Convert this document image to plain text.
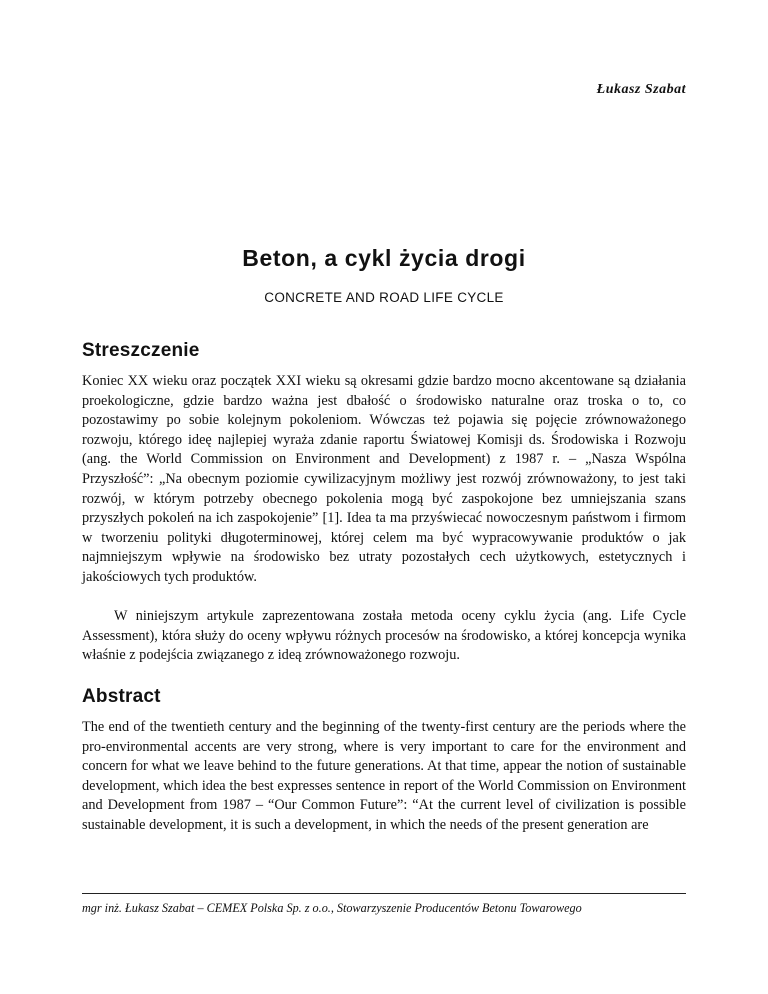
Łukasz Szabat
Beton, a cykl życia drogi
CONCRETE AND ROAD LIFE CYCLE
Streszczenie

Koniec XX wieku oraz początek XXI wieku są okresami gdzie bardzo mocno akcentowane są działania proekologiczne, gdzie bardzo ważna jest dbałość o środowisko naturalne oraz troska o to, co pozostawimy po sobie kolejnym pokoleniom. Wówczas też pojawia się pojęcie zrównoważonego rozwoju, którego ideę najlepiej wyraża zdanie raportu Światowej Komisji ds. Środowiska i Rozwoju (ang. the World Commission on Environment and Development) z 1987 r. – „Nasza Wspólna Przyszłość”: „Na obecnym poziomie cywilizacyjnym możliwy jest rozwój zrównoważony, to jest taki rozwój, w którym potrzeby obecnego pokolenia mogą być zaspokojone bez umniejszania szans przyszłych pokoleń na ich zaspokojenie” [1]. Idea ta ma przyświecać nowoczesnym państwom i firmom w tworzeniu polityki długoterminowej, której celem ma być wypracowywanie produktów o jak najmniejszym wpływie na środowisko bez utraty pozostałych cech użytkowych, estetycznych i jakościowych tych produktów.

W niniejszym artykule zaprezentowana została metoda oceny cyklu życia (ang. Life Cycle Assessment), która służy do oceny wpływu różnych procesów na środowisko, a której koncepcja wynika właśnie z podejścia związanego z ideą zrównoważonego rozwoju.

Abstract

The end of the twentieth century and the beginning of the twenty-first century are the periods where the pro-environmental accents are very strong, where is very important to care for the environment and concern for what we leave behind to the future generations. At that time, appear the notion of sustainable development, which idea the best expresses sentence in report of the World Commission on Environment and Development from 1987 – “Our Common Future”: “At the current level of civilization is possible sustainable development, it is such a development, in which the needs of the present generation are

mgr inż. Łukasz Szabat – CEMEX Polska Sp. z o.o., Stowarzyszenie Producentów Betonu Towarowego
